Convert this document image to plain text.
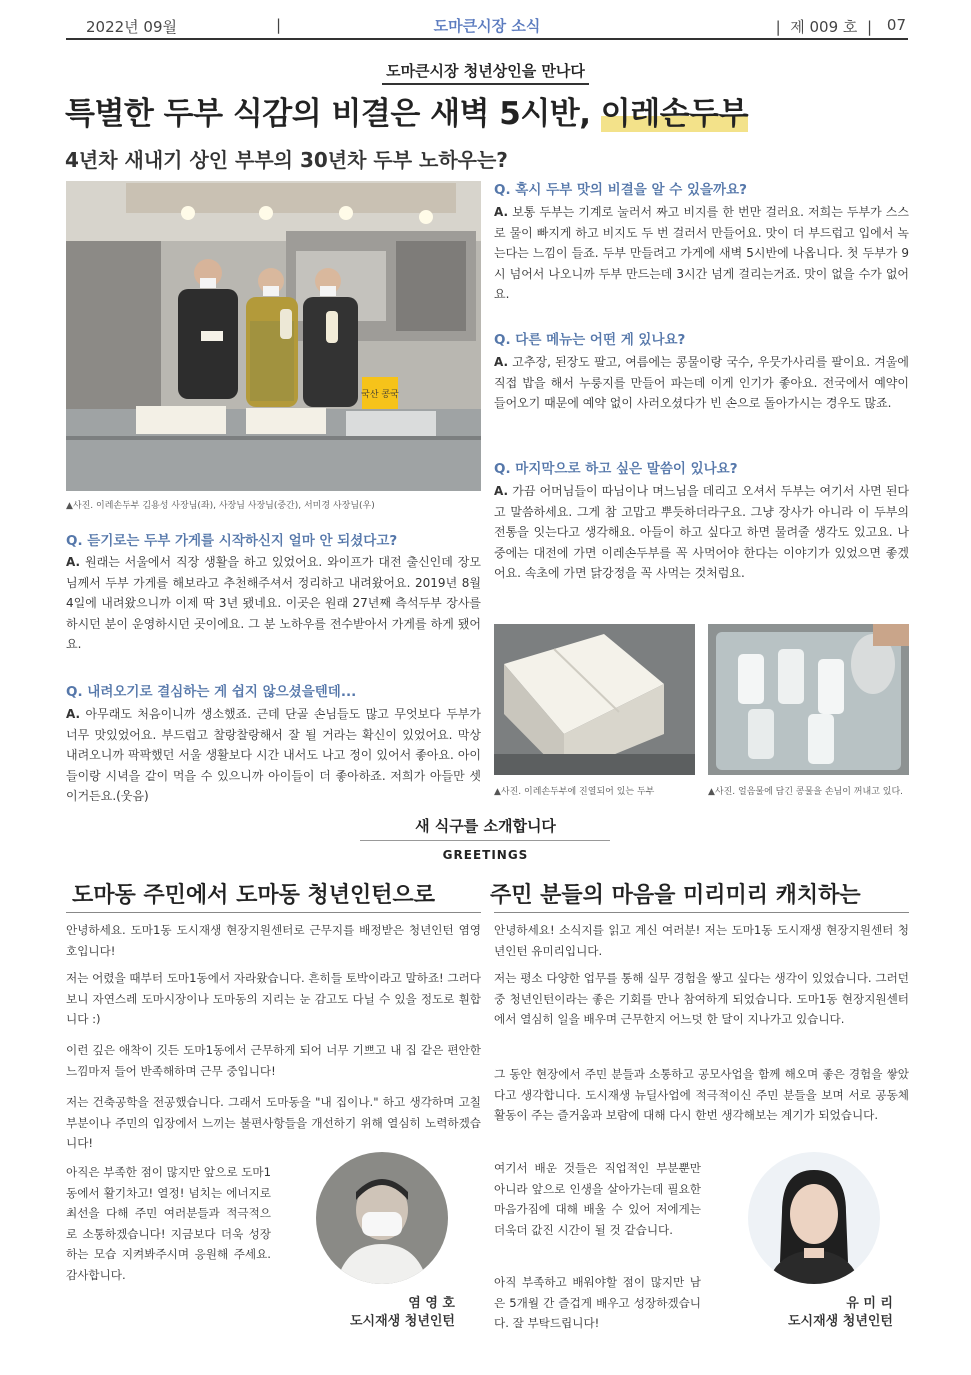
2022년 09월	|	도마큰시장 소식	|  제 009 호  | 07
도마큰시장 청년상인을 만나다
특별한 두부 식감의 비결은 새벽 5시반, 이레손두부
4년차 새내기 상인 부부의 30년차 두부 노하우는?
국산 콩국
▲사진. 이레손두부 김용성 사장님(좌), 사장님 사장님(중간), 서미경 사장님(우)
Q. 듣기로는 두부 가게를 시작하신지 얼마 안 되셨다고?
A. 원래는 서울에서 직장 생활을 하고 있었어요. 와이프가 대전 출신인데 장모님께서 두부 가게를 해보라고 추천해주셔서 정리하고 내려왔어요. 2019년 8월 4일에 내려왔으니까 이제 딱 3년 됐네요. 이곳은 원래 27년째 측석두부 장사를 하시던 분이 운영하시던 곳이에요. 그 분 노하우를 전수받아서 가게를 하게 됐어요.
Q. 내려오기로 결심하는 게 쉽지 않으셨을텐데...
A. 아무래도 처음이니까 생소했죠. 근데 단골 손님들도 많고 무엇보다 두부가 너무 맛있었어요. 부드럽고 찰랑찰랑해서 잘 될 거라는 확신이 있었어요. 막상 내려오니까 팍팍했던 서울 생활보다 시간 내서도 나고 정이 있어서 좋아요. 아이들이랑 시녁을 같이 먹을 수 있으니까 아이들이 더 좋아하죠. 저희가 아들만 셋이거든요.(웃음)
Q. 혹시 두부 맛의 비결을 알 수 있을까요?
A. 보통 두부는 기계로 눌러서 짜고 비지를 한 번만 걸러요. 저희는 두부가 스스로 물이 빠지게 하고 비지도 두 번 걸러서 만들어요. 맛이 더 부드럽고 입에서 녹는다는 느낌이 들죠. 두부 만들려고 가게에 새벽 5시반에 나옵니다. 첫 두부가 9시 넘어서 나오니까 두부 만드는데 3시간 넘게 걸리는거죠. 맛이 없을 수가 없어요.
Q. 다른 메뉴는 어떤 게 있나요?
A. 고추장, 된장도 팔고, 여름에는 콩물이랑 국수, 우뭇가사리를 팔이요. 겨울에 직접 밥을 해서 누룽지를 만들어 파는데 이게 인기가 좋아요. 전국에서 예약이 들어오기 때문에 예약 없이 사러오셨다가 빈 손으로 돌아가시는 경우도 많죠.
Q. 마지막으로 하고 싶은 말씀이 있나요?
A. 가끔 어머님들이 따님이나 며느님을 데리고 오셔서 두부는 여기서 사면 된다고 말씀하세요. 그게 참 고맙고 뿌듯하더라구요. 그냥 장사가 아니라 이 두부의 전통을 잇는다고 생각해요. 아들이 하고 싶다고 하면 물려줄 생각도 있고요. 나중에는 대전에 가면 이레손두부를 꼭 사먹어야 한다는 이야기가 있었으면 좋겠어요. 속초에 가면 닭강정을 꼭 사먹는 것처럼요.
▲사진. 이레손두부에 진열되어 있는 두부	▲사진. 얼음물에 담긴 콩물을 손님이 꺼내고 있다.
새 식구를 소개합니다
GREETINGS
도마동 주민에서 도마동 청년인턴으로
안녕하세요. 도마1동 도시재생 현장지원센터로 근무지를 배정받은 청년인턴 염영호입니다!
저는 어렸을 때부터 도마1동에서 자라왔습니다. 흔히들 토박이라고 말하죠! 그러다보니 자연스레 도마시장이나 도마동의 지리는 눈 감고도 다닐 수 있을 정도로 훤합니다 :)
이런 깊은 애착이 깃든 도마1동에서 근무하게 되어 너무 기쁘고 내 집 같은 편안한 느낌마저 들어 반족해하며 근무 중입니다!
저는 건축공학을 전공했습니다. 그래서 도마동을 "내 집이나." 하고 생각하며 고칠 부분이나 주민의 입장에서 느끼는 불편사항들을 개선하기 위해 열심히 노력하겠습니다!
아직은 부족한 점이 많지만 앞으로 도마1동에서 활기차고! 열정! 넘치는 에너지로 최선을 다해 주민 여러분들과 적극적으로 소통하겠습니다! 지금보다 더욱 성장하는 모습 지켜봐주시며 응원해 주세요. 감사합니다.
염 영 호
도시재생 청년인턴
주민 분들의 마음을 미리미리 캐치하는
안녕하세요! 소식지를 읽고 계신 여러분! 저는 도마1동 도시재생 현장지원센터 청년인턴 유미리입니다.
저는 평소 다양한 업무를 통해 실무 경험을 쌓고 싶다는 생각이 있었습니다. 그러던 중 청년인턴이라는 좋은 기회를 만나 참여하게 되었습니다. 도마1동 현장지원센터에서 열심히 일을 배우며 근무한지 어느덧 한 달이 지나가고 있습니다.
그 동안 현장에서 주민 분들과 소통하고 공모사업을 함께 해오며 좋은 경험을 쌓았다고 생각합니다. 도시재생 뉴딜사업에 적극적이신 주민 분들을 보며 서로 공동체 활동이 주는 즐거움과 보람에 대해 다시 한번 생각해보는 계기가 되었습니다.
여기서 배운 것들은 직업적인 부분뿐만 아니라 앞으로 인생을 살아가는데 필요한 마음가짐에 대해 배울 수 있어 저에게는 더욱더 값진 시간이 될 것 같습니다.
아직 부족하고 배워야할 점이 많지만 남은 5개월 간 즐겁게 배우고 성장하겠습니다. 잘 부탁드립니다!
유 미 리
도시재생 청년인턴
